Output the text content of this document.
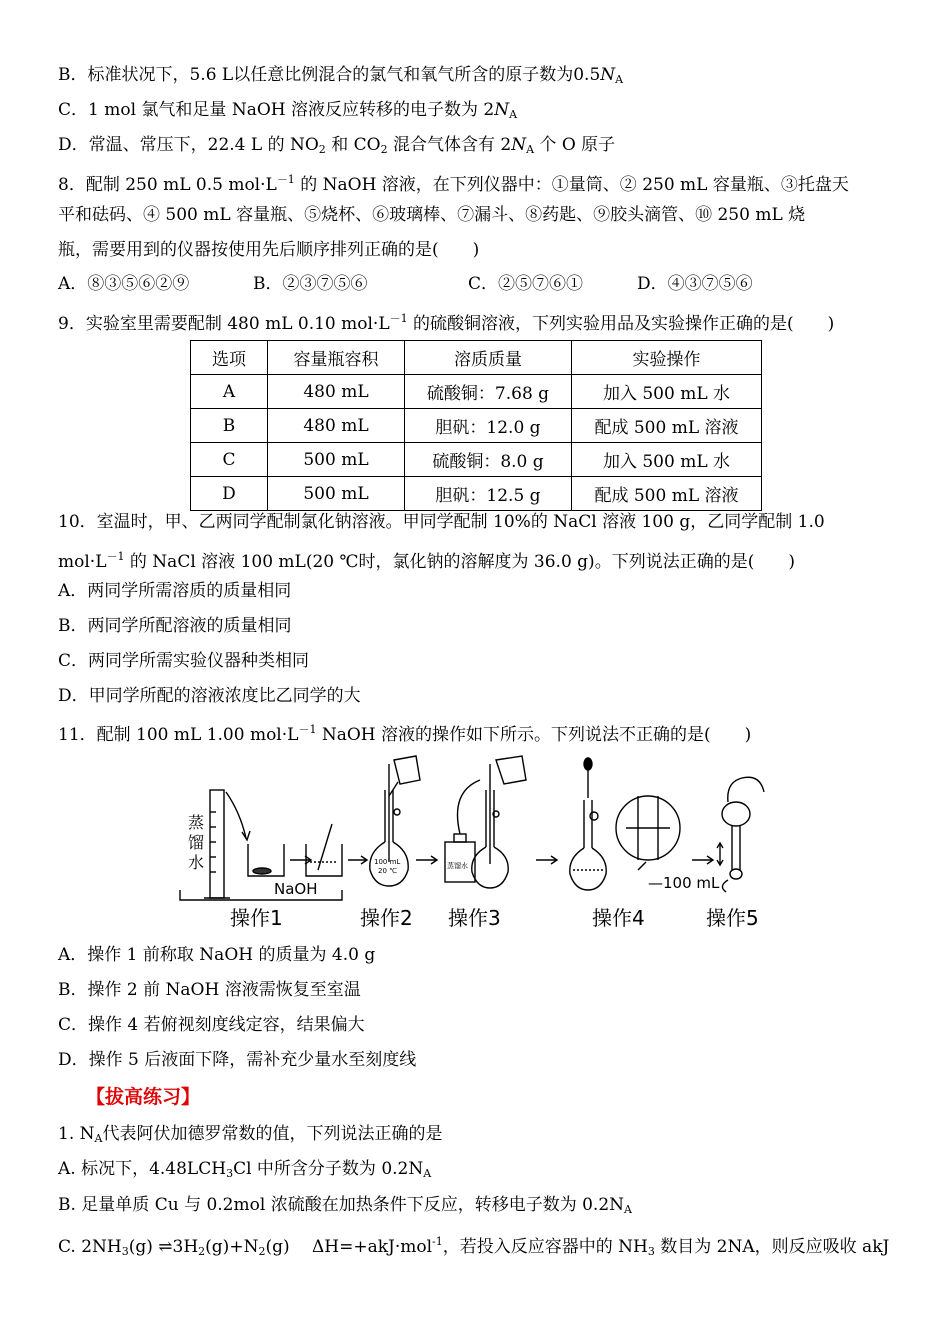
B．标准状况下，5.6 L以任意比例混合的氯气和氧气所含的原子数为$0.5N_A$
C．1 mol 氯气和足量 NaOH 溶液反应转移的电子数为 $2N_A$
D．常温、常压下，22.4 L 的 $NO_2$ 和 $CO_2$ 混合气体含有 $2N_A$ 个 O 原子
8．配制 250 mL 0.5 $mol\cdot L^{-1}$ 的 NaOH 溶液，在下列仪器中：①量筒、② 250 mL 容量瓶、③托盘天
平和砝码、④ 500 mL 容量瓶、⑤烧杯、⑥玻璃棒、⑦漏斗、⑧药匙、⑨胶头滴管、⑩ 250 mL 烧
瓶，需要用到的仪器按使用先后顺序排列正确的是(　　)
A．⑧③⑤⑥②⑨	B．②③⑦⑤⑥	C．②⑤⑦⑥①	D．④③⑦⑤⑥
9．实验室里需要配制 480 mL 0.10 $mol\cdot L^{-1}$ 的硫酸铜溶液，下列实验用品及实验操作正确的是(　　)
选项	容量瓶容积	溶质质量	实验操作
A	480 mL	硫酸铜：7.68 g	加入 500 mL 水
B	480 mL	胆矾：12.0 g	配成 500 mL 溶液
C	500 mL	硫酸铜：8.0 g	加入 500 mL 水
D	500 mL	胆矾：12.5 g	配成 500 mL 溶液
10．室温时，甲、乙两同学配制氯化钠溶液。甲同学配制 10%的 NaCl 溶液 100 g，乙同学配制 1.0
$mol\cdot L^{-1}$ 的 NaCl 溶液 100 mL(20 ℃时，氯化钠的溶解度为 36.0 g)。下列说法正确的是(　　)
A．两同学所需溶质的质量相同
B．两同学所配溶液的质量相同
C．两同学所需实验仪器种类相同
D．甲同学所配的溶液浓度比乙同学的大
11．配制 100 mL 1.00 $mol\cdot L^{-1}$ NaOH 溶液的操作如下所示。下列说法不正确的是(　　)
蒸
馏
水
NaOH
100 mL
20 ℃
蒸馏水
—100 mL
操作1	操作2 操作3	操作4	操作5
A．操作 1 前称取 NaOH 的质量为 4.0 g
B．操作 2 前 NaOH 溶液需恢复至室温
C．操作 4 若俯视刻度线定容，结果偏大
D．操作 5 后液面下降，需补充少量水至刻度线
【拔高练习】
1. $N_A$代表阿伏加德罗常数的值，下列说法正确的是
A. 标况下，$4.48LCH_3Cl$ 中所含分子数为 $0.2N_A$
B. 足量单质 Cu 与 0.2mol 浓硫酸在加热条件下反应，转移电子数为 $0.2N_A$
C. $2NH_3(g)$ $\rightleftharpoons 3H_2(g)+N_2(g)$　 ΔH=+akJ·mol$^{-1}$，若投入反应容器中的 $NH_3$ 数目为 2NA，则反应吸收 akJ
